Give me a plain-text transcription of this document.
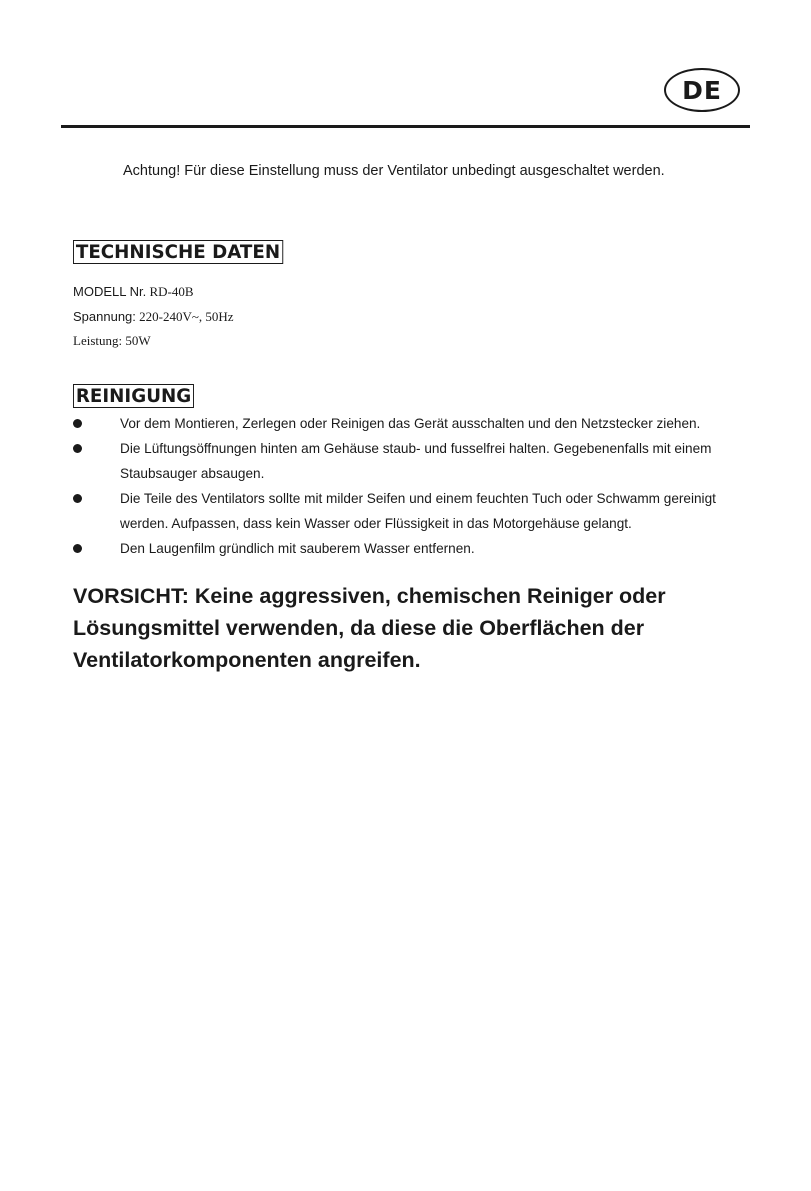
DE
Achtung! Für diese Einstellung muss der Ventilator unbedingt ausgeschaltet werden.
TECHNISCHE DATEN
MODELL Nr. RD-40B
Spannung: 220-240V~, 50Hz
Leistung: 50W
REINIGUNG
Vor dem Montieren, Zerlegen oder Reinigen das Gerät ausschalten und den Netzstecker ziehen.
Die Lüftungsöffnungen hinten am Gehäuse staub- und fusselfrei halten. Gegebenenfalls mit einem Staubsauger absaugen.
Die Teile des Ventilators sollte mit milder Seifen und einem feuchten Tuch oder Schwamm gereinigt werden. Aufpassen, dass kein Wasser oder Flüssigkeit in das Motorgehäuse gelangt.
Den Laugenfilm gründlich mit sauberem Wasser entfernen.
VORSICHT: Keine aggressiven, chemischen Reiniger oder Lösungsmittel verwenden, da diese die Oberflächen der Ventilatorkomponenten angreifen.
